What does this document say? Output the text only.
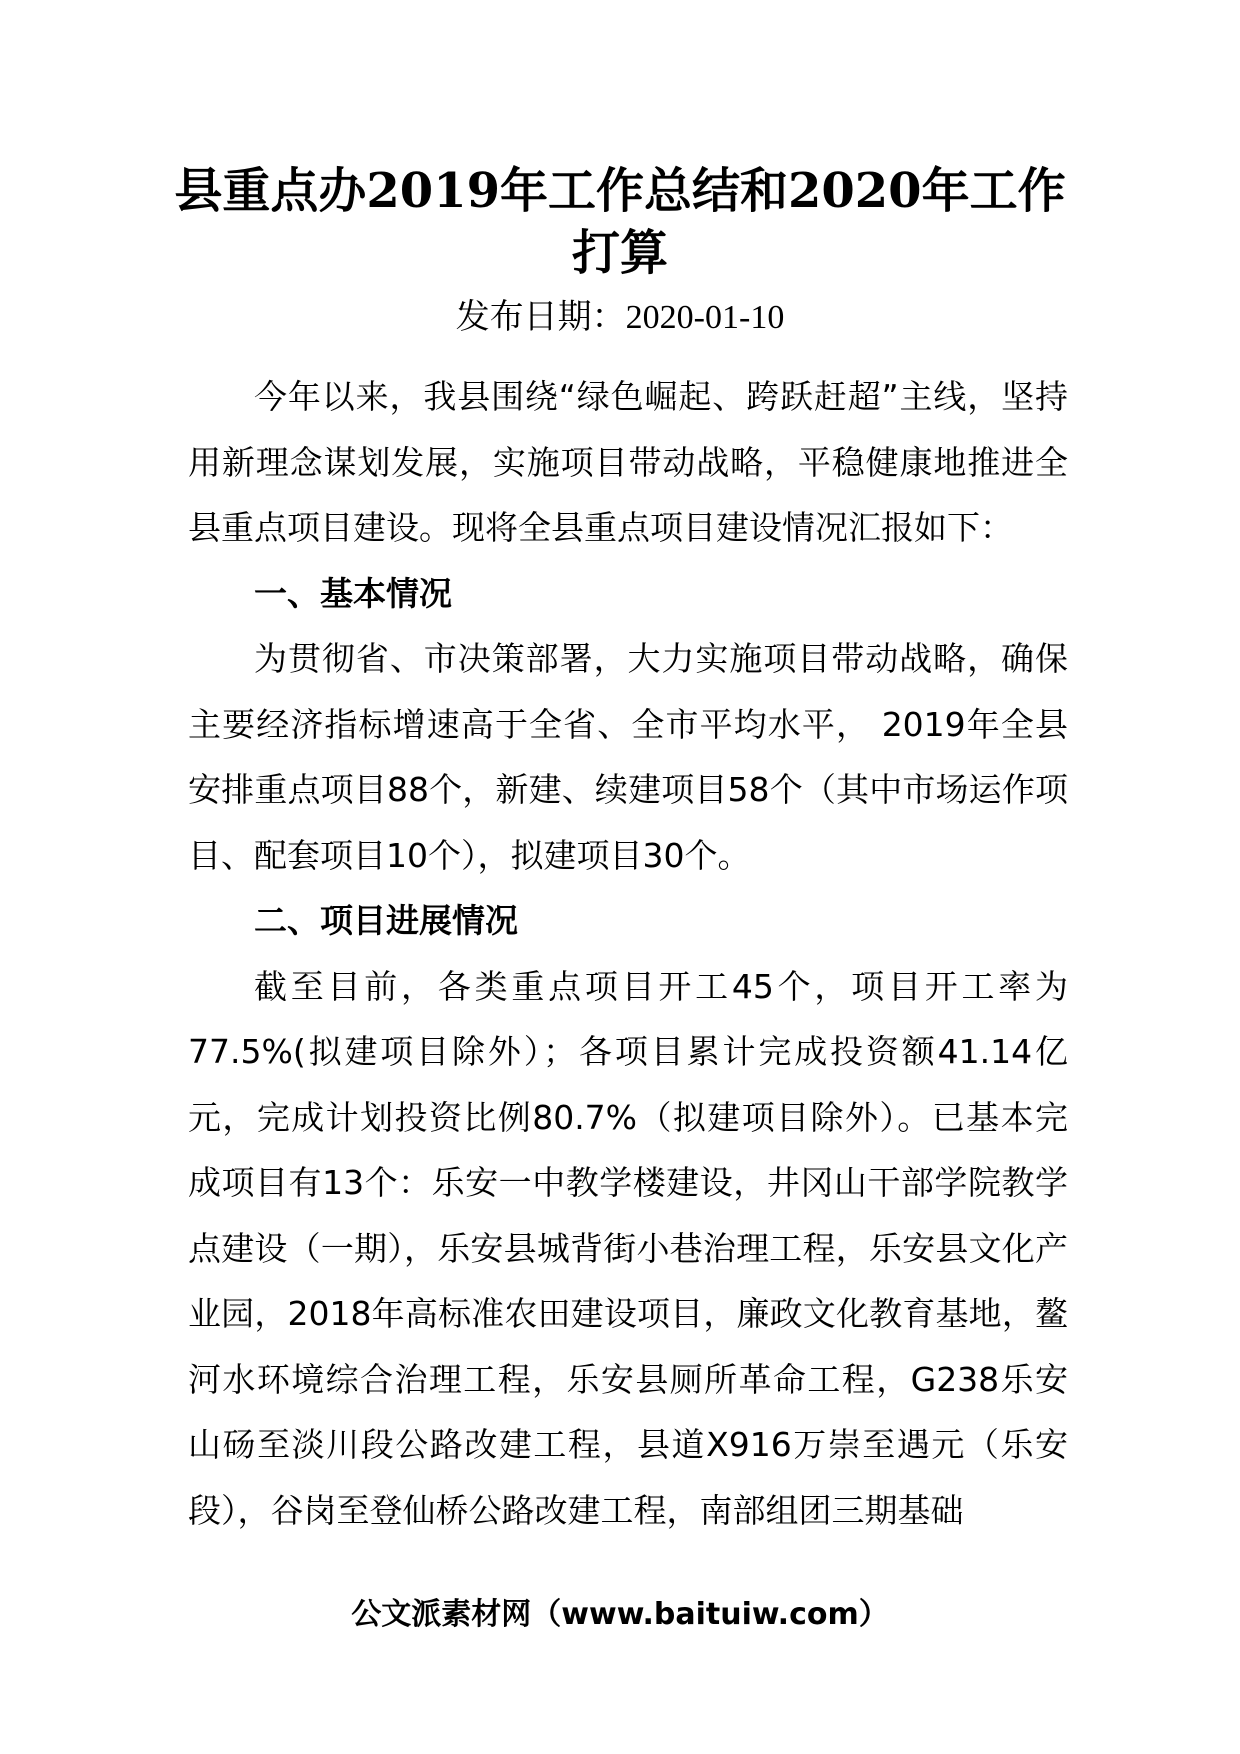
县重点办2019年工作总结和2020年工作打算
发布日期：2020-01-10

今年以来，我县围绕“绿色崛起、跨跃赶超”主线，坚持用新理念谋划发展，实施项目带动战略，平稳健康地推进全县重点项目建设。现将全县重点项目建设情况汇报如下：

一、基本情况

为贯彻省、市决策部署，大力实施项目带动战略，确保主要经济指标增速高于全省、全市平均水平， 2019年全县安排重点项目88个，新建、续建项目58个（其中市场运作项目、配套项目10个），拟建项目30个。

二、项目进展情况

截至目前，各类重点项目开工45个，项目开工率为77.5%(拟建项目除外）；各项目累计完成投资额41.14亿元，完成计划投资比例80.7%（拟建项目除外）。已基本完成项目有13个：乐安一中教学楼建设，井冈山干部学院教学点建设（一期），乐安县城背街小巷治理工程，乐安县文化产业园，2018年高标准农田建设项目，廉政文化教育基地，鳌河水环境综合治理工程，乐安县厕所革命工程，G238乐安山砀至淡川段公路改建工程，县道X916万崇至遇元（乐安段），谷岗至登仙桥公路改建工程，南部组团三期基础

公文派素材网（www.baituiw.com）
